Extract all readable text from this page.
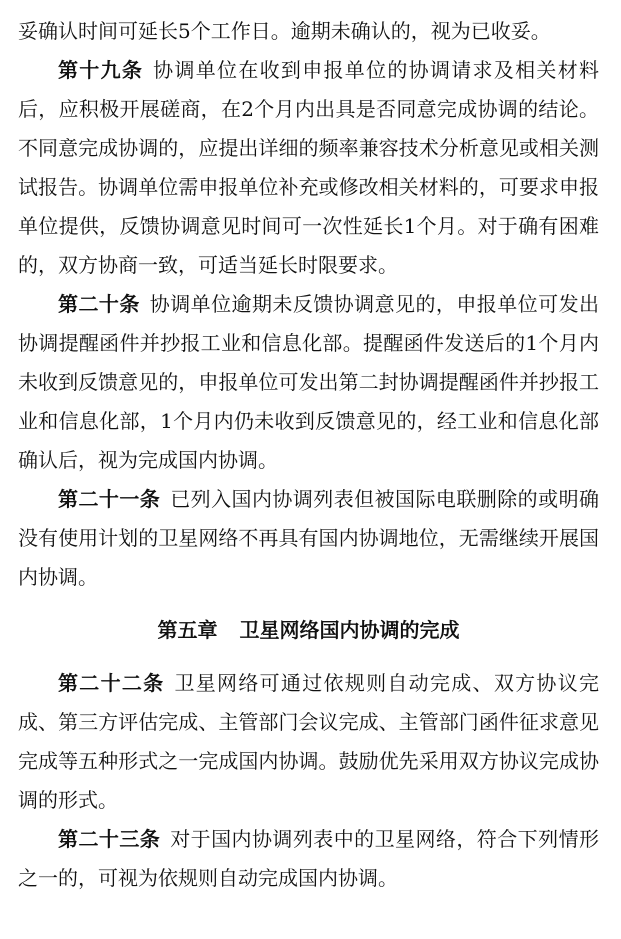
妥确认时间可延长5个工作日。逾期未确认的，视为已收妥。

第十九条 协调单位在收到申报单位的协调请求及相关材料后，应积极开展磋商，在2个月内出具是否同意完成协调的结论。不同意完成协调的，应提出详细的频率兼容技术分析意见或相关测试报告。协调单位需申报单位补充或修改相关材料的，可要求申报单位提供，反馈协调意见时间可一次性延长1个月。对于确有困难的，双方协商一致，可适当延长时限要求。

第二十条 协调单位逾期未反馈协调意见的，申报单位可发出协调提醒函件并抄报工业和信息化部。提醒函件发送后的1个月内未收到反馈意见的，申报单位可发出第二封协调提醒函件并抄报工业和信息化部，1个月内仍未收到反馈意见的，经工业和信息化部确认后，视为完成国内协调。

第二十一条 已列入国内协调列表但被国际电联删除的或明确没有使用计划的卫星网络不再具有国内协调地位，无需继续开展国内协调。

第五章 卫星网络国内协调的完成

第二十二条 卫星网络可通过依规则自动完成、双方协议完成、第三方评估完成、主管部门会议完成、主管部门函件征求意见完成等五种形式之一完成国内协调。鼓励优先采用双方协议完成协调的形式。

第二十三条 对于国内协调列表中的卫星网络，符合下列情形之一的，可视为依规则自动完成国内协调。
